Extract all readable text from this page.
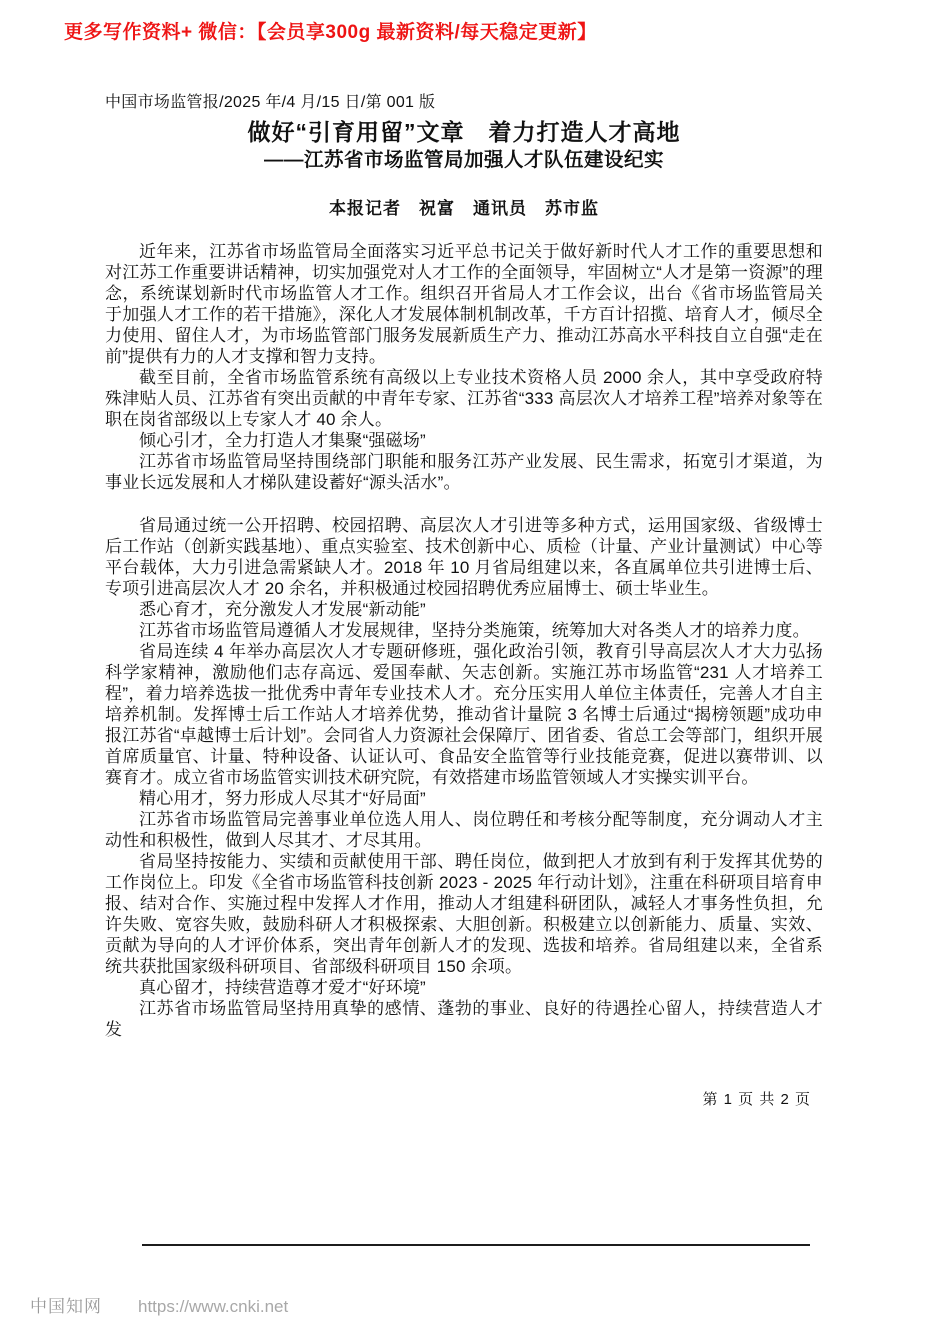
更多写作资料+ 微信：【会员享300g 最新资料/每天稳定更新】
中国市场监管报/2025 年/4 月/15 日/第 001 版
做好“引育用留”文章　着力打造人才高地
——江苏省市场监管局加强人才队伍建设纪实
本报记者　祝富　通讯员　苏市监

近年来，江苏省市场监管局全面落实习近平总书记关于做好新时代人才工作的重要思想和对江苏工作重要讲话精神，切实加强党对人才工作的全面领导，牢固树立“人才是第一资源”的理念，系统谋划新时代市场监管人才工作。组织召开省局人才工作会议，出台《省市场监管局关于加强人才工作的若干措施》，深化人才发展体制机制改革，千方百计招揽、培育人才，倾尽全力使用、留住人才，为市场监管部门服务发展新质生产力、推动江苏高水平科技自立自强“走在前”提供有力的人才支撑和智力支持。

截至目前，全省市场监管系统有高级以上专业技术资格人员 2000 余人，其中享受政府特殊津贴人员、江苏省有突出贡献的中青年专家、江苏省“333 高层次人才培养工程”培养对象等在职在岗省部级以上专家人才 40 余人。

倾心引才，全力打造人才集聚“强磁场”

江苏省市场监管局坚持围绕部门职能和服务江苏产业发展、民生需求，拓宽引才渠道，为事业长远发展和人才梯队建设蓄好“源头活水”。

省局通过统一公开招聘、校园招聘、高层次人才引进等多种方式，运用国家级、省级博士后工作站（创新实践基地）、重点实验室、技术创新中心、质检（计量、产业计量测试）中心等平台载体，大力引进急需紧缺人才。2018 年 10 月省局组建以来，各直属单位共引进博士后、专项引进高层次人才 20 余名，并积极通过校园招聘优秀应届博士、硕士毕业生。

悉心育才，充分激发人才发展“新动能”

江苏省市场监管局遵循人才发展规律，坚持分类施策，统筹加大对各类人才的培养力度。

省局连续 4 年举办高层次人才专题研修班，强化政治引领，教育引导高层次人才大力弘扬科学家精神，激励他们志存高远、爱国奉献、矢志创新。实施江苏市场监管“231 人才培养工程”，着力培养选拔一批优秀中青年专业技术人才。充分压实用人单位主体责任，完善人才自主培养机制。发挥博士后工作站人才培养优势，推动省计量院 3 名博士后通过“揭榜领题”成功申报江苏省“卓越博士后计划”。会同省人力资源社会保障厅、团省委、省总工会等部门，组织开展首席质量官、计量、特种设备、认证认可、食品安全监管等行业技能竞赛，促进以赛带训、以赛育才。成立省市场监管实训技术研究院，有效搭建市场监管领域人才实操实训平台。

精心用才，努力形成人尽其才“好局面”

江苏省市场监管局完善事业单位选人用人、岗位聘任和考核分配等制度，充分调动人才主动性和积极性，做到人尽其才、才尽其用。

省局坚持按能力、实绩和贡献使用干部、聘任岗位，做到把人才放到有利于发挥其优势的工作岗位上。印发《全省市场监管科技创新 2023 - 2025 年行动计划》，注重在科研项目培育申报、结对合作、实施过程中发挥人才作用，推动人才组建科研团队，减轻人才事务性负担，允许失败、宽容失败，鼓励科研人才积极探索、大胆创新。积极建立以创新能力、质量、实效、贡献为导向的人才评价体系，突出青年创新人才的发现、选拔和培养。省局组建以来，全省系统共获批国家级科研项目、省部级科研项目 150 余项。

真心留才，持续营造尊才爱才“好环境”

江苏省市场监管局坚持用真挚的感情、蓬勃的事业、良好的待遇拴心留人，持续营造人才发

第 1 页 共 2 页
中国知网 https://www.cnki.net
